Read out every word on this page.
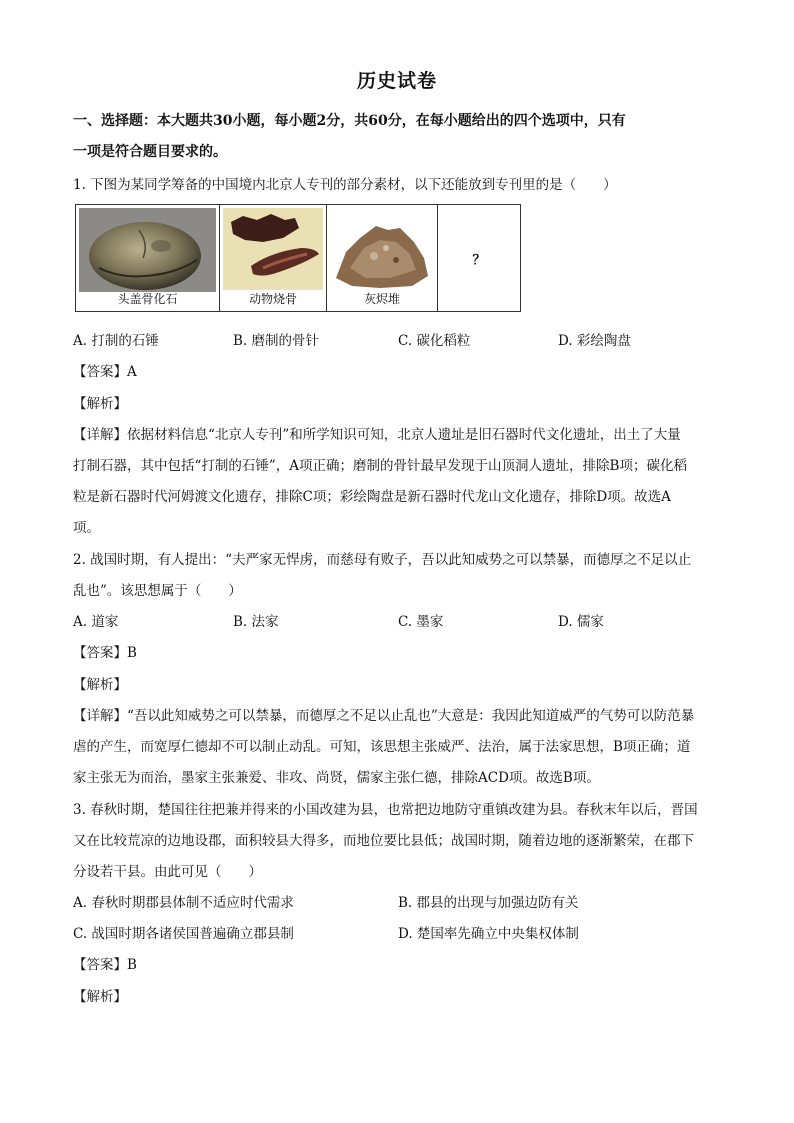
历史试卷
一、选择题：本大题共30小题，每小题2分，共60分，在每小题给出的四个选项中，只有
一项是符合题目要求的。
1. 下图为某同学筹备的中国境内北京人专刊的部分素材，以下还能放到专刊里的是（　　）
头盖骨化石	动物烧骨	灰烬堆

？
A. 打制的石锤	B. 磨制的骨针	C. 碳化稻粒	D. 彩绘陶盘
【答案】A
【解析】
【详解】依据材料信息“北京人专刊”和所学知识可知，北京人遗址是旧石器时代文化遗址，出土了大量
打制石器，其中包括“打制的石锤”，A项正确；磨制的骨针最早发现于山顶洞人遗址，排除B项；碳化稻
粒是新石器时代河姆渡文化遗存，排除C项；彩绘陶盘是新石器时代龙山文化遗存，排除D项。故选A
项。
2. 战国时期，有人提出：“夫严家无悍虏，而慈母有败子，吾以此知威势之可以禁暴，而德厚之不足以止
乱也”。该思想属于（　　）
A. 道家	B. 法家	C. 墨家	D. 儒家
【答案】B
【解析】
【详解】“吾以此知威势之可以禁暴，而德厚之不足以止乱也”大意是：我因此知道威严的气势可以防范暴
虐的产生，而宽厚仁德却不可以制止动乱。可知，该思想主张威严、法治，属于法家思想，B项正确；道
家主张无为而治，墨家主张兼爱、非攻、尚贤，儒家主张仁德，排除ACD项。故选B项。
3. 春秋时期，楚国往往把兼并得来的小国改建为县，也常把边地防守重镇改建为县。春秋末年以后，晋国
又在比较荒凉的边地设郡，面积较县大得多，而地位要比县低；战国时期，随着边地的逐渐繁荣，在郡下
分设若干县。由此可见（　　）
A. 春秋时期郡县体制不适应时代需求	B. 郡县的出现与加强边防有关
C. 战国时期各诸侯国普遍确立郡县制	D. 楚国率先确立中央集权体制
【答案】B
【解析】
